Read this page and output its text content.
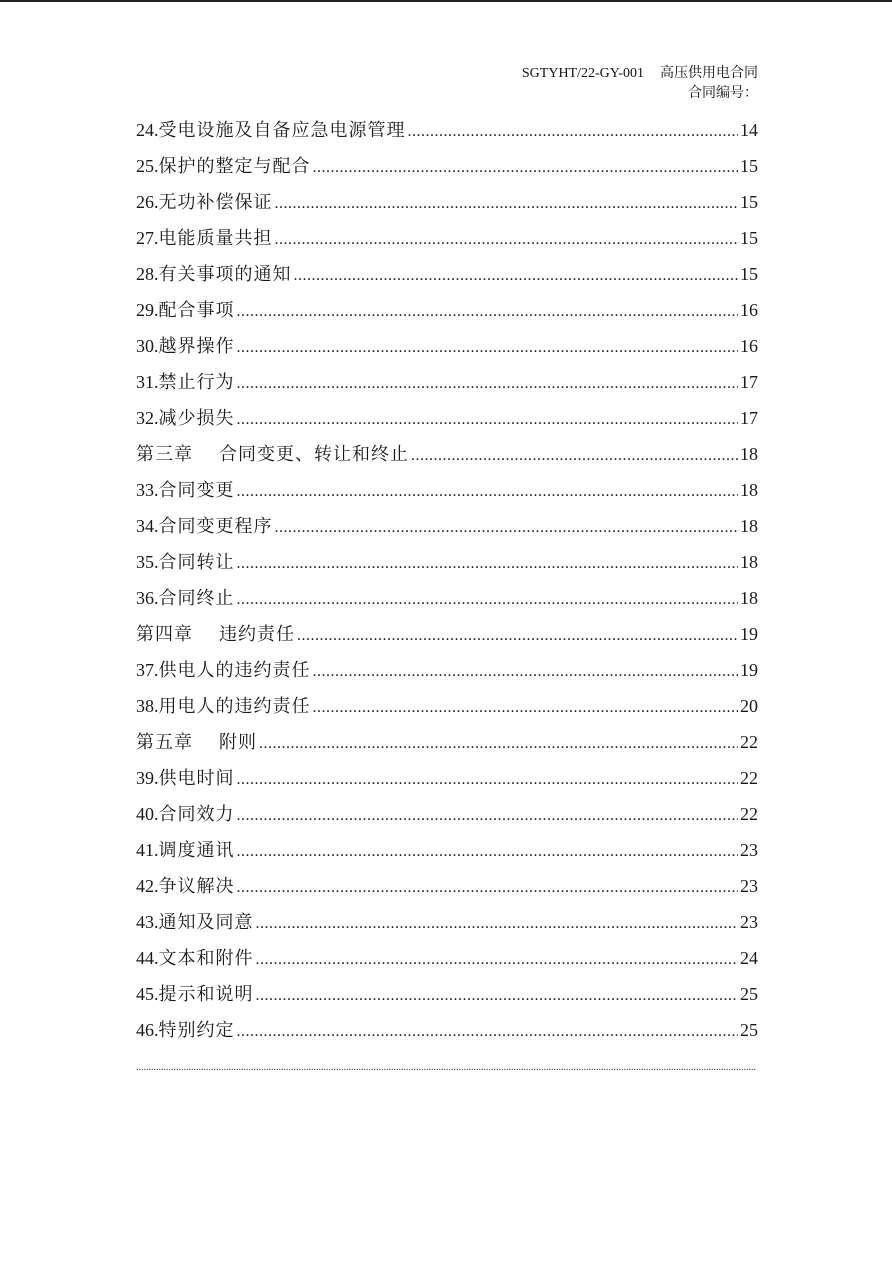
SGTYHT/22-GY-001 高压供用电合同
合同编号：
24.受电设施及自备应急电源管理 .....	14
25.保护的整定与配合 .....	15
26.无功补偿保证 .....	15
27.电能质量共担 .....	15
28.有关事项的通知 .....	15
29.配合事项 .....	16
30.越界操作 .....	16
31.禁止行为 .....	17
32.减少损失 .....	17
第三章 合同变更、转让和终止 .....	18
33.合同变更 .....	18
34.合同变更程序 .....	18
35.合同转让 .....	18
36.合同终止 .....	18
第四章 违约责任 .....	19
37.供电人的违约责任 .....	19
38.用电人的违约责任 .....	20
第五章 附则 .....	22
39.供电时间 .....	22
40.合同效力 .....	22
41.调度通讯 .....	23
42.争议解决 .....	23
43.通知及同意 .....	23
44.文本和附件 .....	24
45.提示和说明 .....	25
46.特别约定 .....	25
.....
